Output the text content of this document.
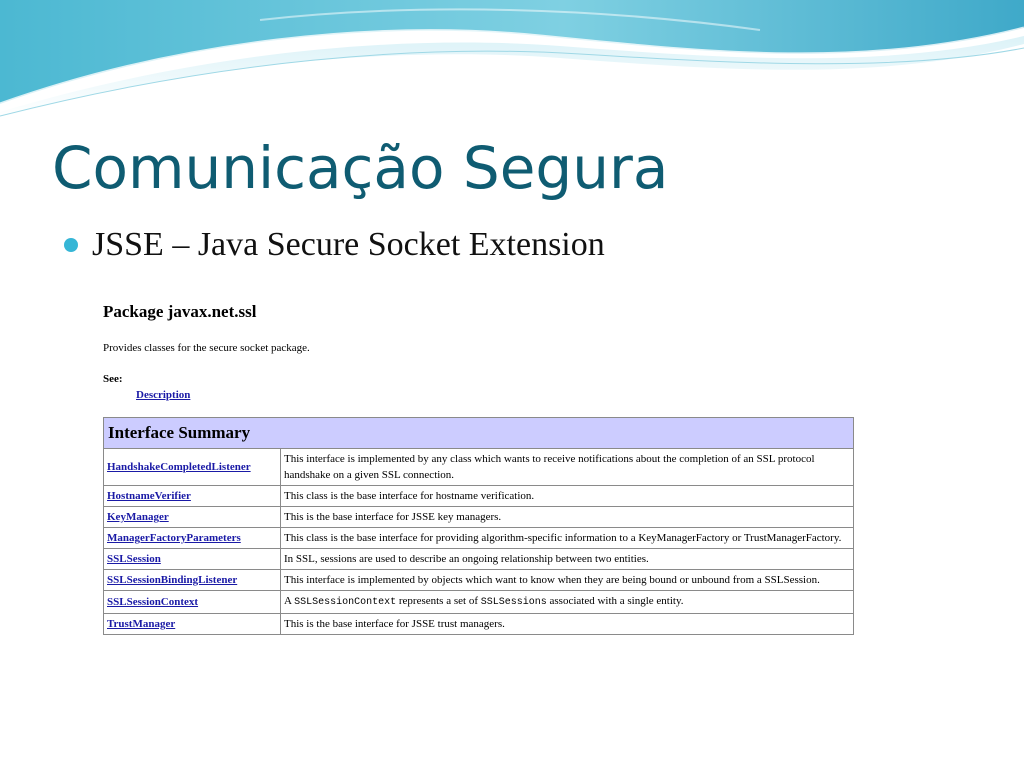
Comunicação Segura
JSSE – Java Secure Socket Extension
Package javax.net.ssl

Provides classes for the secure socket package.

See:

Description
Interface Summary	
HandshakeCompletedListener	This interface is implemented by any class which wants to receive notifications about the completion of an SSL protocol handshake on a given SSL connection.
HostnameVerifier	This class is the base interface for hostname verification.
KeyManager	This is the base interface for JSSE key managers.
ManagerFactoryParameters	This class is the base interface for providing algorithm-specific information to a KeyManagerFactory or TrustManagerFactory.
SSLSession	In SSL, sessions are used to describe an ongoing relationship between two entities.
SSLSessionBindingListener	This interface is implemented by objects which want to know when they are being bound or unbound from a SSLSession.
SSLSessionContext	A SSLSessionContext represents a set of SSLSessions associated with a single entity.
TrustManager	This is the base interface for JSSE trust managers.
